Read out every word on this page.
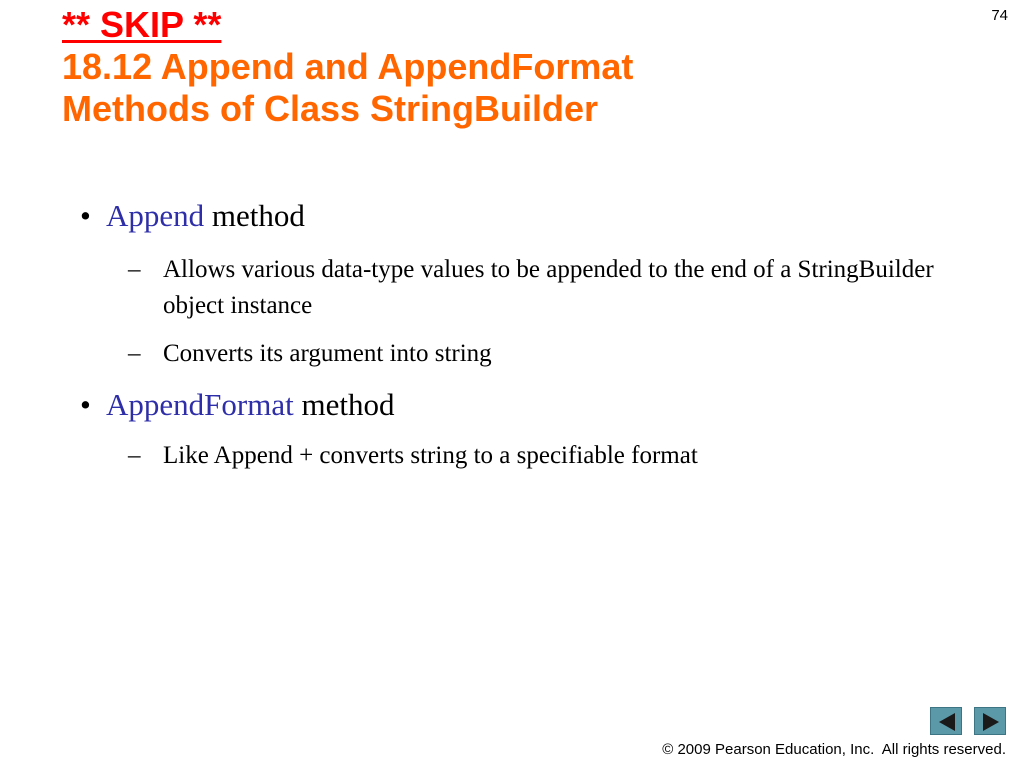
74
** SKIP **
18.12 Append and AppendFormat
Methods of Class StringBuilder
• Append method
– Allows various data-type values to be appended to the end of a StringBuilder object instance
– Converts its argument into string
• AppendFormat method
– Like Append + converts string to a specifiable format
© 2009 Pearson Education, Inc.  All rights reserved.
